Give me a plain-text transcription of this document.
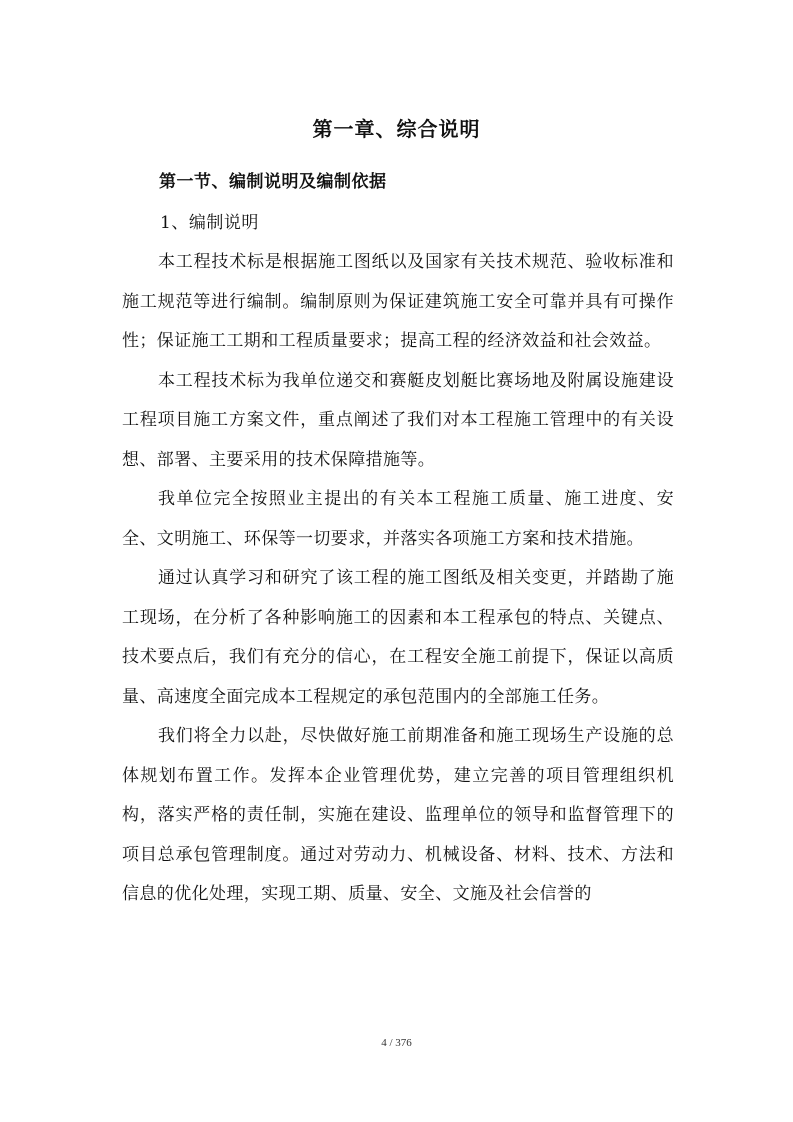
第一章、综合说明
第一节、编制说明及编制依据
1、编制说明

本工程技术标是根据施工图纸以及国家有关技术规范、验收标准和施工规范等进行编制。编制原则为保证建筑施工安全可靠并具有可操作性；保证施工工期和工程质量要求；提高工程的经济效益和社会效益。

本工程技术标为我单位递交和赛艇皮划艇比赛场地及附属设施建设工程项目施工方案文件，重点阐述了我们对本工程施工管理中的有关设想、部署、主要采用的技术保障措施等。

我单位完全按照业主提出的有关本工程施工质量、施工进度、安全、文明施工、环保等一切要求，并落实各项施工方案和技术措施。

通过认真学习和研究了该工程的施工图纸及相关变更，并踏勘了施工现场，在分析了各种影响施工的因素和本工程承包的特点、关键点、技术要点后，我们有充分的信心，在工程安全施工前提下，保证以高质量、高速度全面完成本工程规定的承包范围内的全部施工任务。

我们将全力以赴，尽快做好施工前期准备和施工现场生产设施的总体规划布置工作。发挥本企业管理优势，建立完善的项目管理组织机构，落实严格的责任制，实施在建设、监理单位的领导和监督管理下的项目总承包管理制度。通过对劳动力、机械设备、材料、技术、方法和信息的优化处理，实现工期、质量、安全、文施及社会信誉的

4 / 376
